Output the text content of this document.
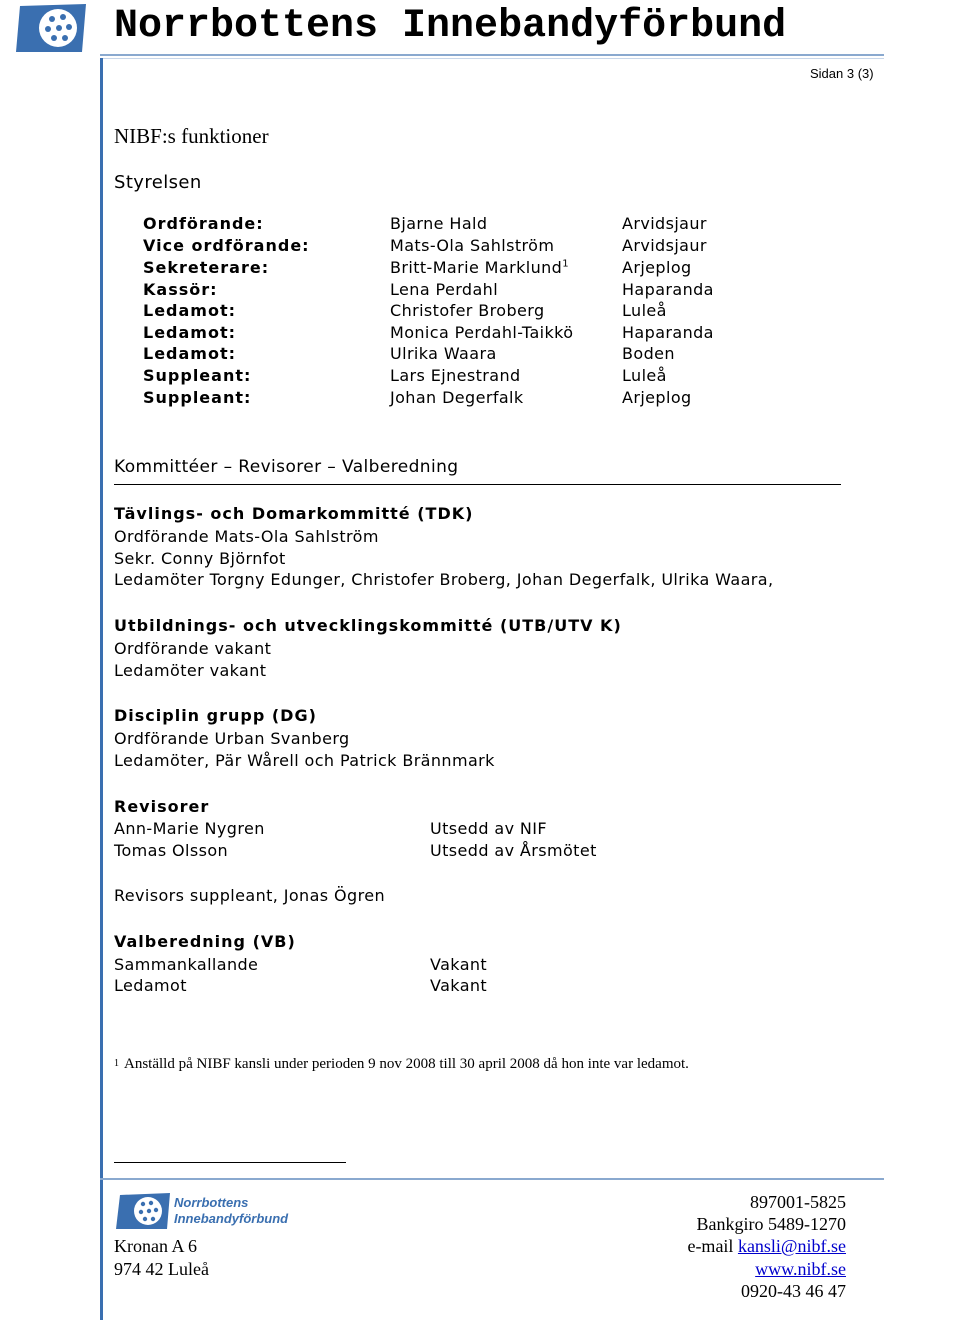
Norrbottens Innebandyförbund
Sidan 3 (3)
NIBF:s funktioner
Styrelsen
Ordförande:	Bjarne Hald	Arvidsjaur
Vice ordförande:	Mats-Ola Sahlström	Arvidsjaur
Sekreterare:	Britt-Marie Marklund$^1$	Arjeplog
Kassör:	Lena Perdahl	Haparanda
Ledamot:	Christofer Broberg	Luleå
Ledamot:	Monica Perdahl-Taikkö	Haparanda
Ledamot:	Ulrika Waara	Boden
Suppleant:	Lars Ejnestrand	Luleå
Suppleant:	Johan Degerfalk	Arjeplog
Kommittéer – Revisorer – Valberedning
Tävlings- och Domarkommitté (TDK)
Ordförande Mats-Ola Sahlström
Sekr. Conny Björnfot
Ledamöter Torgny Edunger, Christofer Broberg, Johan Degerfalk, Ulrika Waara,
Utbildnings- och utvecklingskommitté (UTB/UTV K)
Ordförande vakant
Ledamöter vakant
Disciplin grupp (DG)
Ordförande Urban Svanberg
Ledamöter, Pär Wårell och Patrick Brännmark
Revisorer
Ann-Marie Nygren	Utsedd av NIF
Tomas Olsson	Utsedd av Årsmötet
Revisors suppleant, Jonas Ögren
Valberedning (VB)
Sammankallande	Vakant
Ledamot	Vakant
1 Anställd på NIBF kansli under perioden 9 nov 2008 till 30 april 2008 då hon inte var ledamot.
Norrbottens
Innebandyförbund
Kronan A 6
974 42 Luleå
897001-5825
Bankgiro 5489-1270
e-mail kansli@nibf.se
www.nibf.se
0920-43 46 47
